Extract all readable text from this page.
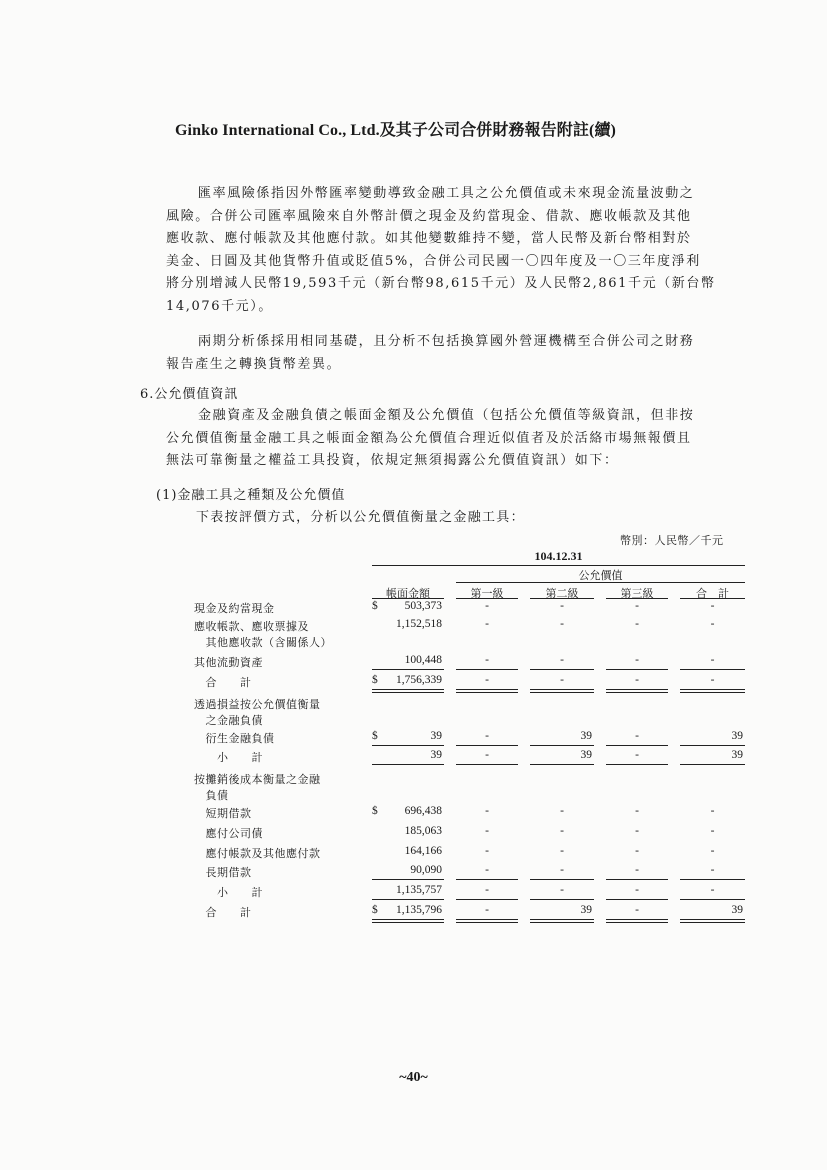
Ginko International Co., Ltd.及其子公司合併財務報告附註(續)
匯率風險係指因外幣匯率變動導致金融工具之公允價值或未來現金流量波動之
風險。合併公司匯率風險來自外幣計價之現金及約當現金、借款、應收帳款及其他
應收款、應付帳款及其他應付款。如其他變數維持不變，當人民幣及新台幣相對於
美金、日圓及其他貨幣升值或貶值5%，合併公司民國一〇四年度及一〇三年度淨利
將分別增減人民幣19,593千元（新台幣98,615千元）及人民幣2,861千元（新台幣
14,076千元）。
兩期分析係採用相同基礎，且分析不包括換算國外營運機構至合併公司之財務
報告產生之轉換貨幣差異。
6.公允價值資訊
金融資產及金融負債之帳面金額及公允價值（包括公允價值等級資訊，但非按
公允價值衡量金融工具之帳面金額為公允價值合理近似值者及於活絡市場無報價且
無法可靠衡量之權益工具投資，依規定無須揭露公允價值資訊）如下：
(1)金融工具之種類及公允價值
下表按評價方式，分析以公允價值衡量之金融工具：
幣別：人民幣／千元
104.12.31
公允價值
帳面金額	第一級	第二級	第三級	合　計
現金及約當現金	$	503,373	-	-	-	-
應收帳款、應收票據及
　其他應收款（含關係人）
1,152,518	-	-	-	-
其他流動資產	100,448	-	-	-	-
　合　　計	$	1,756,339	-	-	-	-
透過損益按公允價值衡量
　之金融負債
　衍生金融負債	$	39	-	39	-	39
　　小　　計	39	-	39	-	39
按攤銷後成本衡量之金融
　負債
　短期借款	$	696,438	-	-	-	-
　應付公司債	185,063	-	-	-	-
　應付帳款及其他應付款	164,166	-	-	-	-
　長期借款	90,090	-	-	-	-
　　小　　計	1,135,757	-	-	-	-
　合　　計	$	1,135,796	-	39	-	39
~40~
